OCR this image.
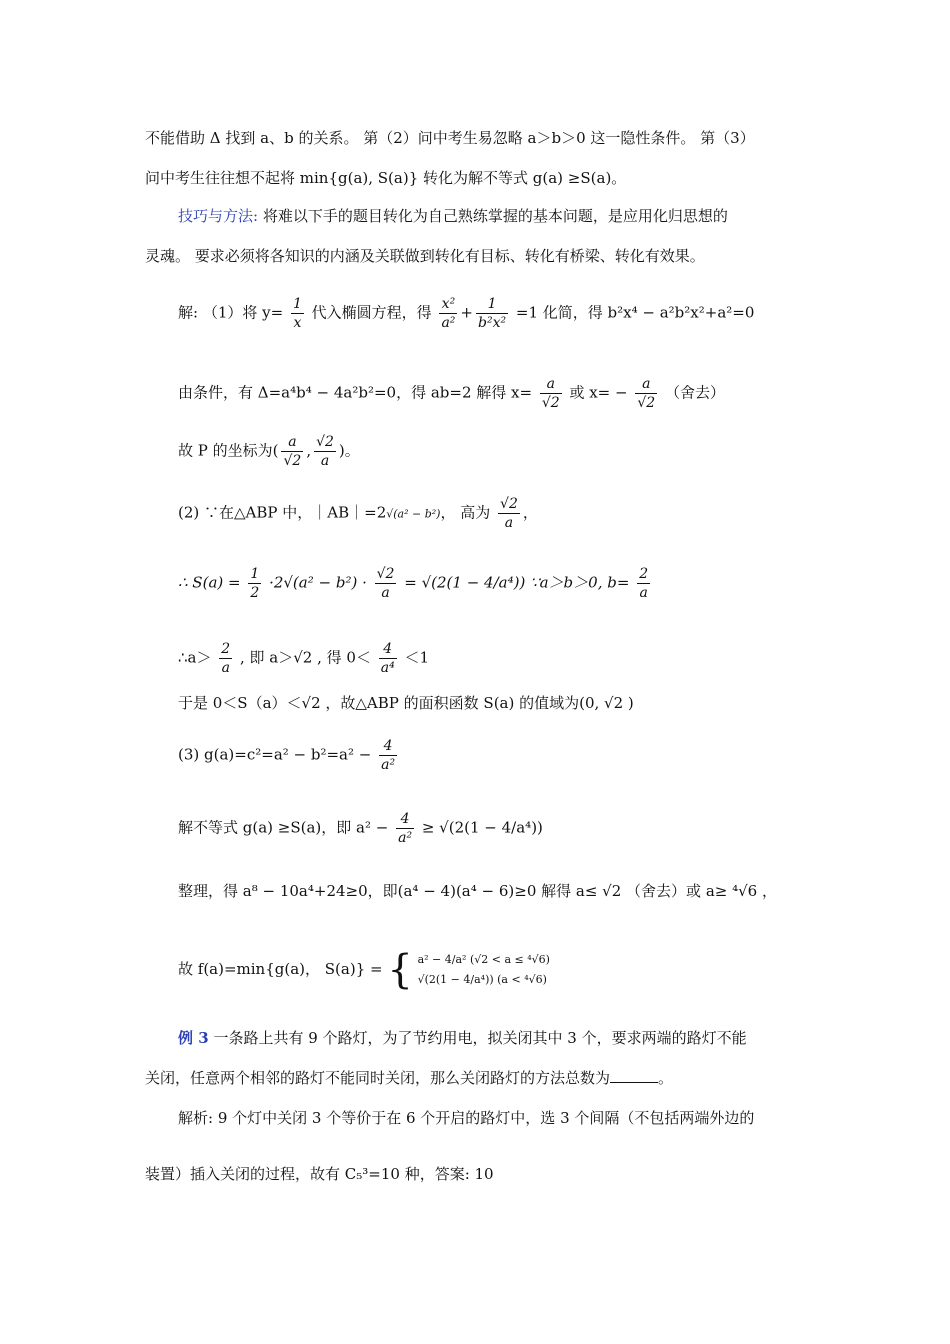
不能借助 Δ 找到 a、b 的关系。 第（2）问中考生易忽略 a＞b＞0 这一隐性条件。 第（3）
问中考生往往想不起将 min{g(a), S(a)} 转化为解不等式 g(a) ≥S(a)。
技巧与方法: 将难以下手的题目转化为自己熟练掌握的基本问题，是应用化归思想的
灵魂。 要求必须将各知识的内涵及关联做到转化有目标、转化有桥梁、转化有效果。
解: （1）将 $y= \frac{1}{x}$ 代入椭圆方程，得 $\frac{\text{x²}}{\text{a²}} + \frac{1}{\text{b²x²}} =1$ 化简，得 b²x⁴ − a²b²x²+a²=0
由条件，有 Δ=a⁴b⁴ − 4a²b²=0，得 ab=2 解得 $x= \frac{a}{√2}$ 或 $x= - \frac{a}{√2}$ （舍去）
故 P 的坐标为( $\frac{a}{√2}$ , $\frac{√2}{a}$ )。
(2) ∵在△ABP 中，｜AB｜=2√(a² − b²)， 高为 $\frac{√2}{a}$ ，
∴ $S(a) = \frac{1}{2} \cdot 2√(a^2 - b^2) \cdot \frac{√2}{a} = √(2(1 - 4/a^4))$ ∵a＞b＞0, $b= \frac{2}{a}$
∴a＞ $\frac{2}{a}$ , 即 a＞√2 , 得 $0< \frac{4}{\text{a⁴}} <1$
于是 0＜S（a）＜√2 ，故△ABP 的面积函数 S(a) 的值域为(0, √2 )
(3) $g(a)=c^2=a^2 - b^2=a^2 - \frac{4}{\text{a²}}$
解不等式 g(a) ≥S(a)，即 $a^2 - \frac{4}{\text{a²}} \ge √(2(1 - 4/a^4))$
整理，得 a⁸ − 10a⁴+24≥0，即(a⁴ − 4)(a⁴ − 6)≥0 解得 a≤ √2 （舍去）或 a≥ ⁴√6 ，
故 f(a)=min{g(a)， S(a)} = { a² − 4/a² (√2 < a ≤ ⁴√6)
√(2(1 − 4/a⁴)) (a < ⁴√6)
例 3 一条路上共有 9 个路灯，为了节约用电，拟关闭其中 3 个，要求两端的路灯不能
关闭，任意两个相邻的路灯不能同时关闭，那么关闭路灯的方法总数为	。
解析: 9 个灯中关闭 3 个等价于在 6 个开启的路灯中，选 3 个间隔（不包括两端外边的
装置）插入关闭的过程，故有 C₅³=10 种，答案: 10
